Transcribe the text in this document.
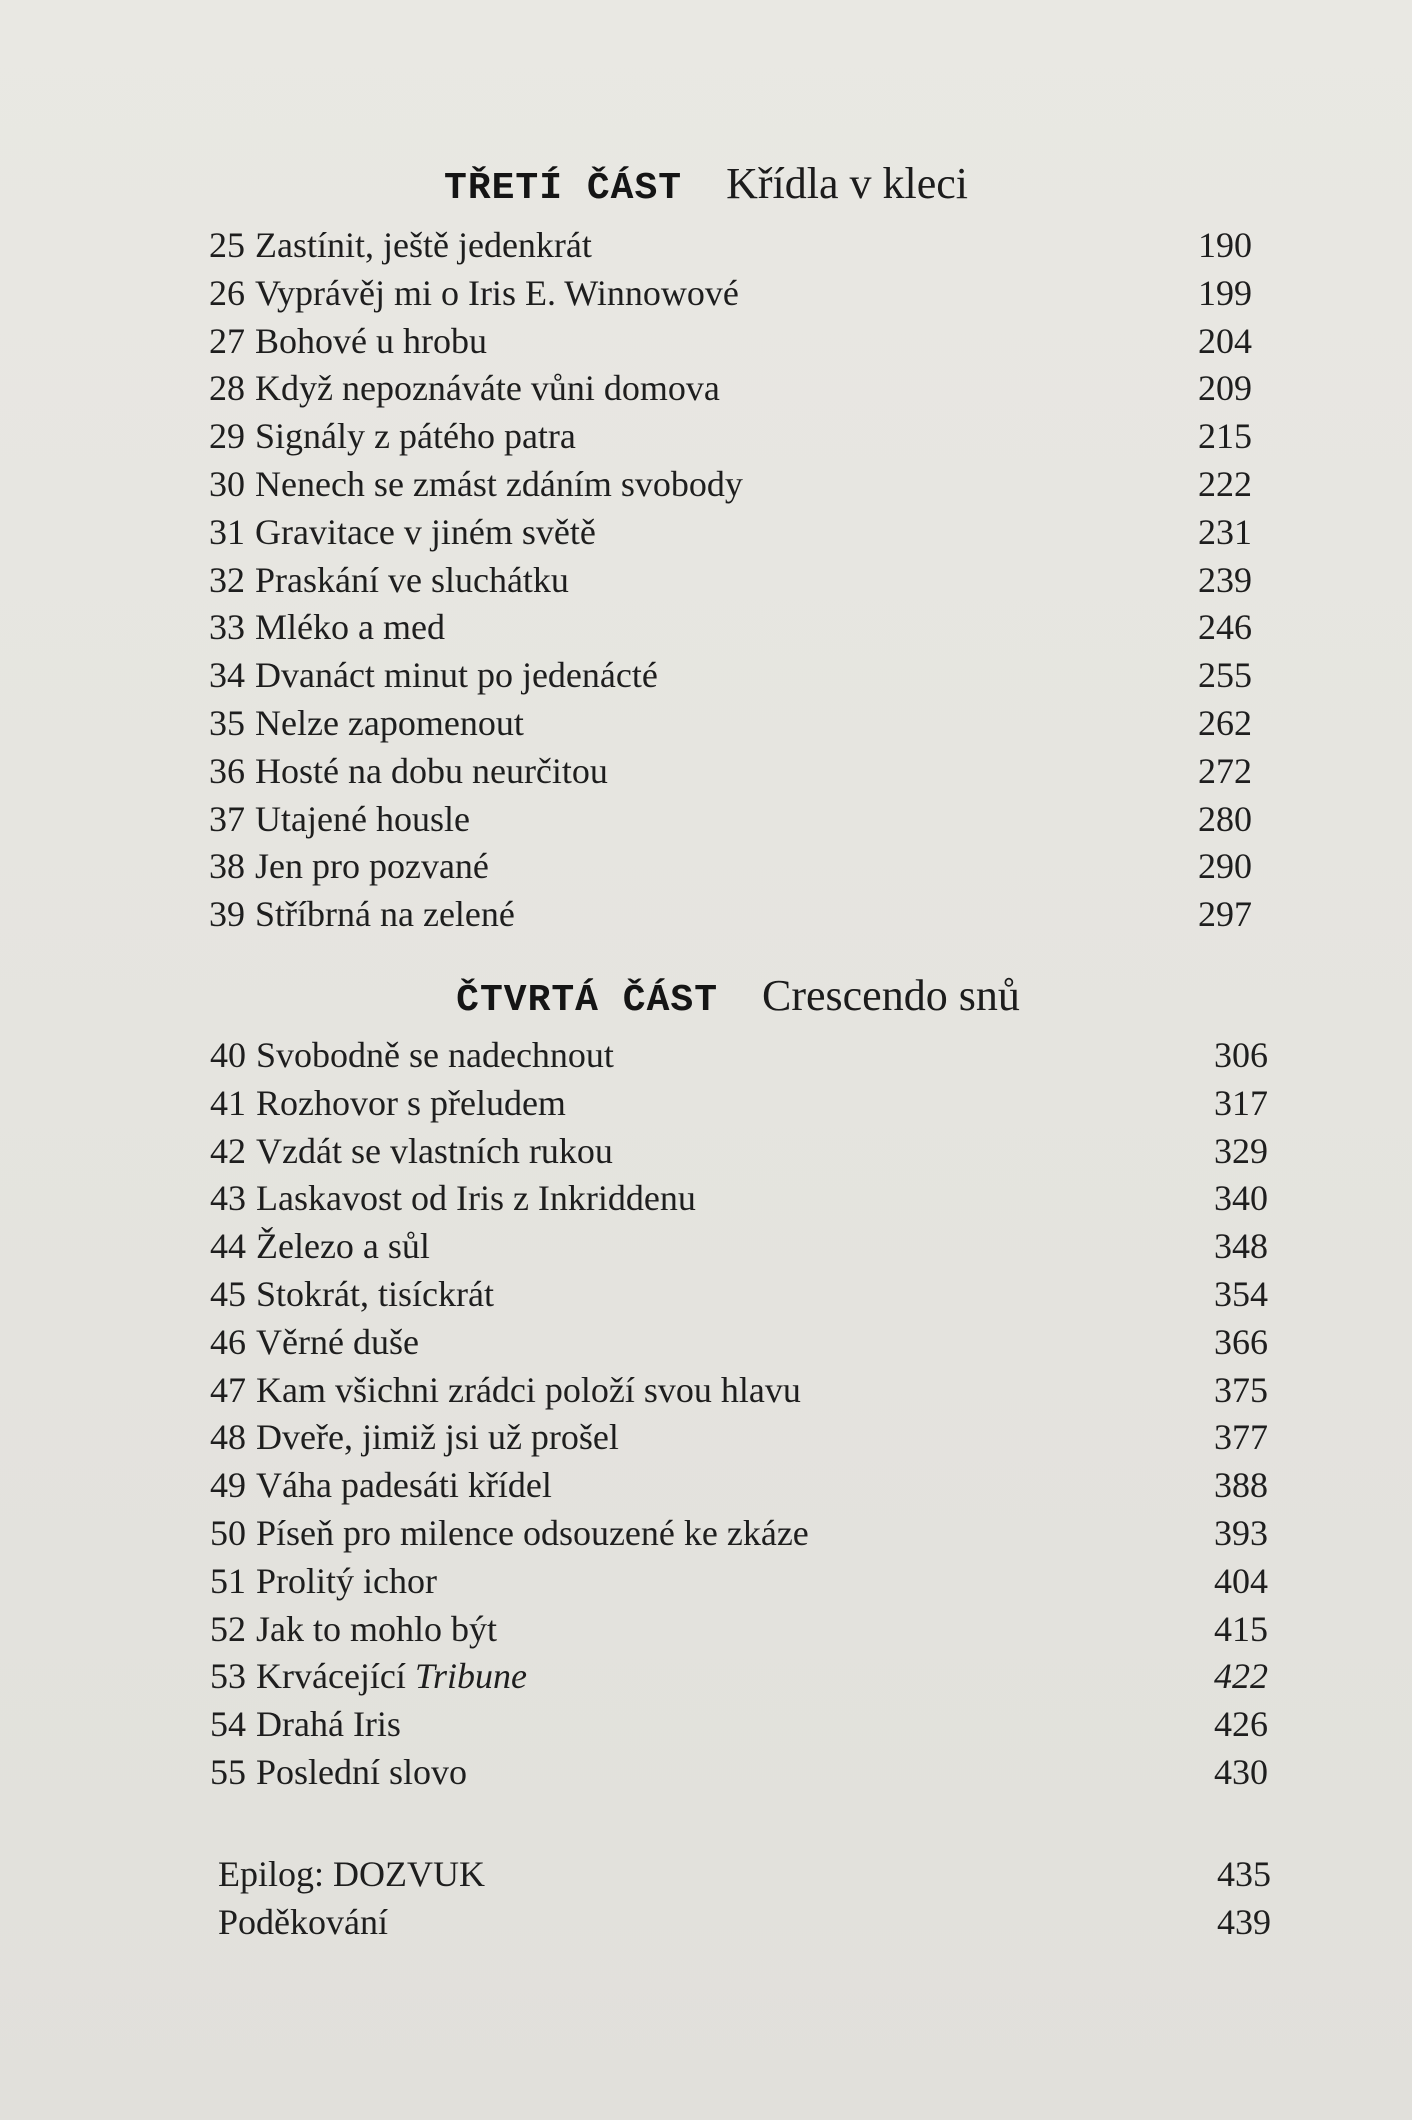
TŘETÍ ČÁST Křídla v kleci
25 Zastínit, ještě jedenkrát	190
26 Vyprávěj mi o Iris E. Winnowové	199
27 Bohové u hrobu	204
28 Když nepoznáváte vůni domova	209
29 Signály z pátého patra	215
30 Nenech se zmást zdáním svobody	222
31 Gravitace v jiném světě	231
32 Praskání ve sluchátku	239
33 Mléko a med	246
34 Dvanáct minut po jedenácté	255
35 Nelze zapomenout	262
36 Hosté na dobu neurčitou	272
37 Utajené housle	280
38 Jen pro pozvané	290
39 Stříbrná na zelené	297
ČTVRTÁ ČÁST Crescendo snů
40 Svobodně se nadechnout	306
41 Rozhovor s přeludem	317
42 Vzdát se vlastních rukou	329
43 Laskavost od Iris z Inkriddenu	340
44 Železo a sůl	348
45 Stokrát, tisíckrát	354
46 Věrné duše	366
47 Kam všichni zrádci položí svou hlavu	375
48 Dveře, jimiž jsi už prošel	377
49 Váha padesáti křídel	388
50 Píseň pro milence odsouzené ke zkáze	393
51 Prolitý ichor	404
52 Jak to mohlo být	415
53 Krvácející Tribune	422
54 Drahá Iris	426
55 Poslední slovo	430
Epilog: DOZVUK	435
Poděkování	439
